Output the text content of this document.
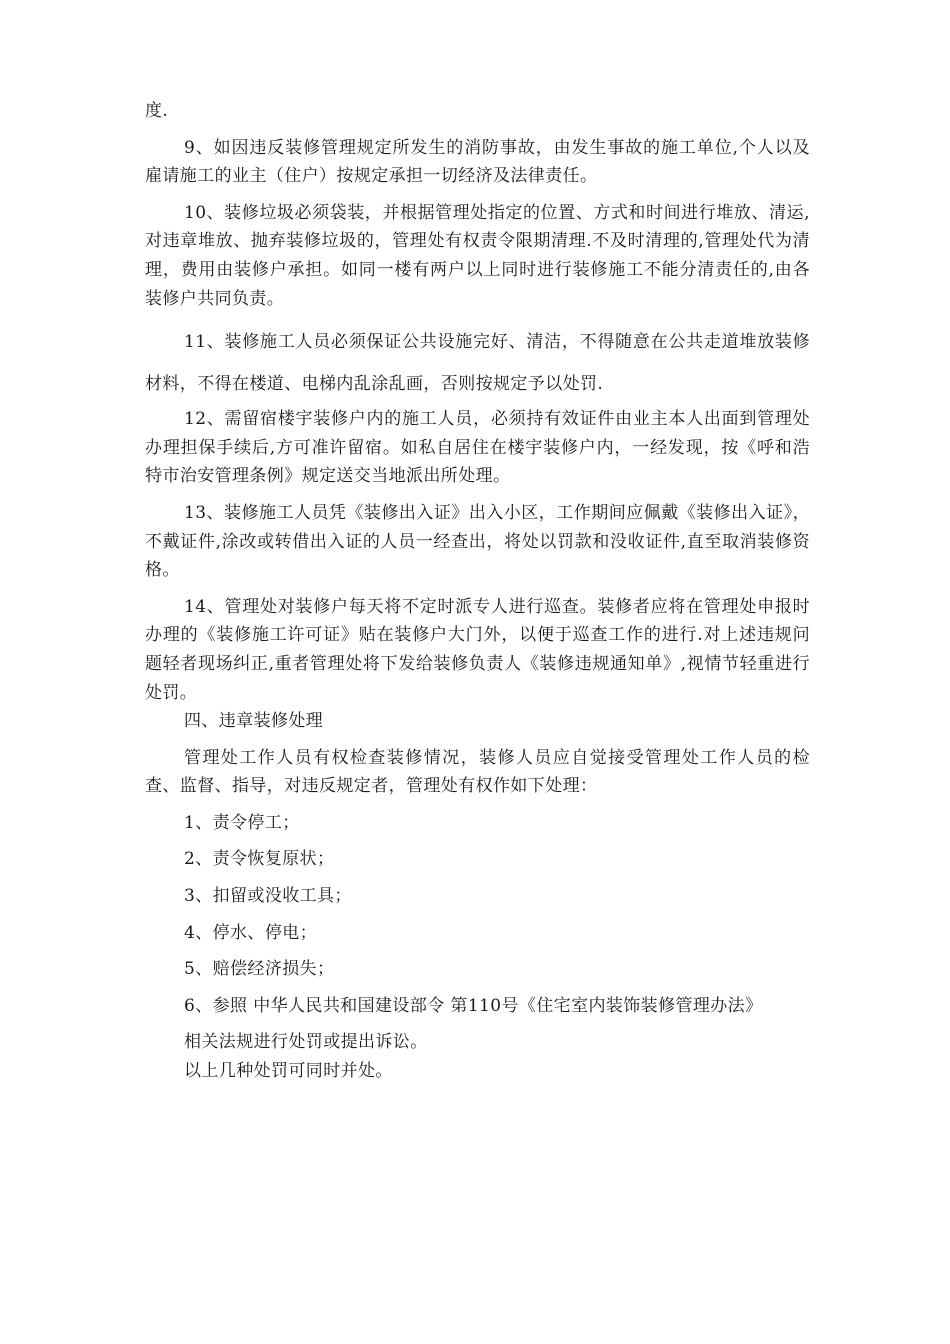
度.

9、如因违反装修管理规定所发生的消防事故，由发生事故的施工单位,个人以及雇请施工的业主（住户）按规定承担一切经济及法律责任。

10、装修垃圾必须袋装，并根据管理处指定的位置、方式和时间进行堆放、清运,对违章堆放、抛弃装修垃圾的，管理处有权责令限期清理.不及时清理的,管理处代为清理，费用由装修户承担。如同一楼有两户以上同时进行装修施工不能分清责任的,由各装修户共同负责。

11、装修施工人员必须保证公共设施完好、清洁，不得随意在公共走道堆放装修材料，不得在楼道、电梯内乱涂乱画，否则按规定予以处罚.

12、需留宿楼宇装修户内的施工人员，必须持有效证件由业主本人出面到管理处办理担保手续后,方可准许留宿。如私自居住在楼宇装修户内，一经发现，按《呼和浩特市治安管理条例》规定送交当地派出所处理。

13、装修施工人员凭《装修出入证》出入小区，工作期间应佩戴《装修出入证》，不戴证件,涂改或转借出入证的人员一经查出，将处以罚款和没收证件,直至取消装修资格。

14、管理处对装修户每天将不定时派专人进行巡查。装修者应将在管理处申报时办理的《装修施工许可证》贴在装修户大门外，以便于巡查工作的进行.对上述违规问题轻者现场纠正,重者管理处将下发给装修负责人《装修违规通知单》,视情节轻重进行处罚。

四、违章装修处理

管理处工作人员有权检查装修情况，装修人员应自觉接受管理处工作人员的检查、监督、指导，对违反规定者，管理处有权作如下处理：

1、责令停工；

2、责令恢复原状；

3、扣留或没收工具；

4、停水、停电；

5、赔偿经济损失；

6、参照 中华人民共和国建设部令 第110号《住宅室内装饰装修管理办法》

相关法规进行处罚或提出诉讼。

以上几种处罚可同时并处。
